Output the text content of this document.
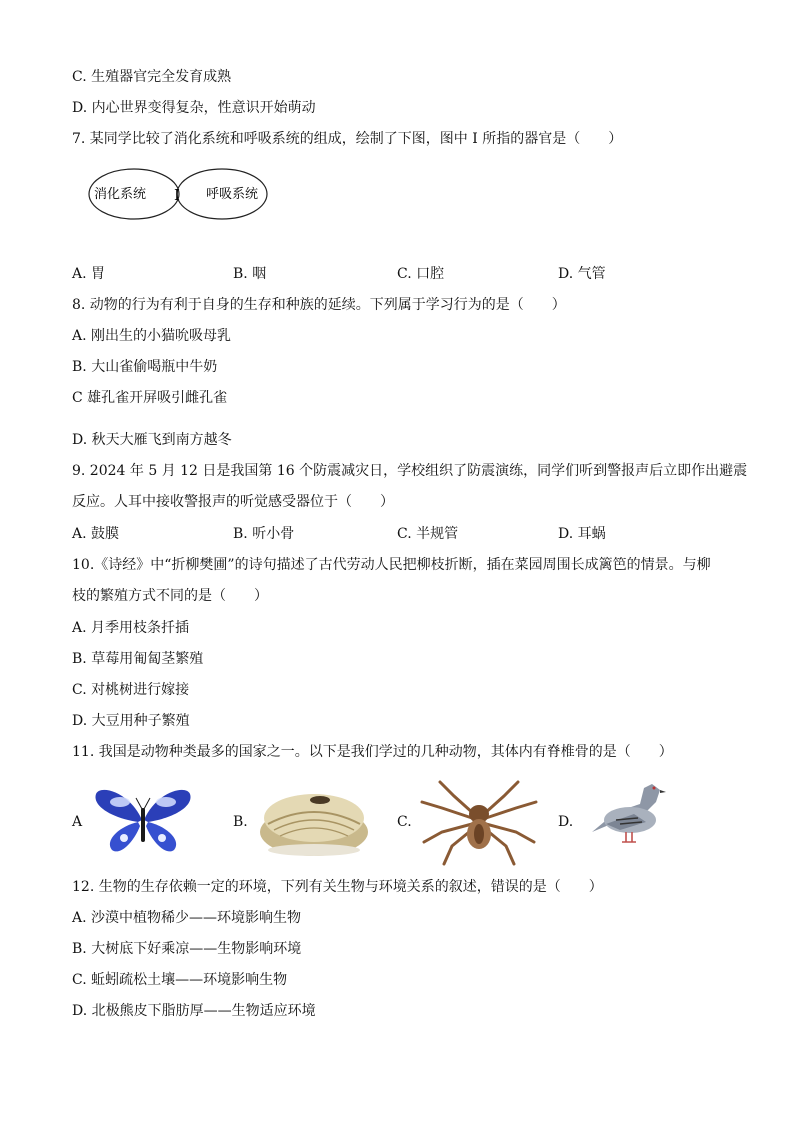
C. 生殖器官完全发育成熟
D. 内心世界变得复杂，性意识开始萌动
7. 某同学比较了消化系统和呼吸系统的组成，绘制了下图，图中 I 所指的器官是（　　）
消化系统 I 呼吸系统
A. 胃	B. 咽	C. 口腔	D. 气管
8. 动物的行为有利于自身的生存和种族的延续。下列属于学习行为的是（　　）
A. 刚出生的小猫吮吸母乳
B. 大山雀偷喝瓶中牛奶
C 雄孔雀开屏吸引雌孔雀
D. 秋天大雁飞到南方越冬
9. 2024 年 5 月 12 日是我国第 16 个防震减灾日，学校组织了防震演练，同学们听到警报声后立即作出避震
反应。人耳中接收警报声的听觉感受器位于（　　）
A. 鼓膜	B. 听小骨	C. 半规管	D. 耳蜗
10.《诗经》中“折柳樊圃”的诗句描述了古代劳动人民把柳枝折断，插在菜园周围长成篱笆的情景。与柳
枝的繁殖方式不同的是（　　）
A. 月季用枝条扦插
B. 草莓用匍匐茎繁殖
C. 对桃树进行嫁接
D. 大豆用种子繁殖
11. 我国是动物种类最多的国家之一。以下是我们学过的几种动物，其体内有脊椎骨的是（　　）
A	B.	C.	D.
12. 生物的生存依赖一定的环境，下列有关生物与环境关系的叙述，错误的是（　　）
A. 沙漠中植物稀少——环境影响生物
B. 大树底下好乘凉——生物影响环境
C. 蚯蚓疏松土壤——环境影响生物
D. 北极熊皮下脂肪厚——生物适应环境
